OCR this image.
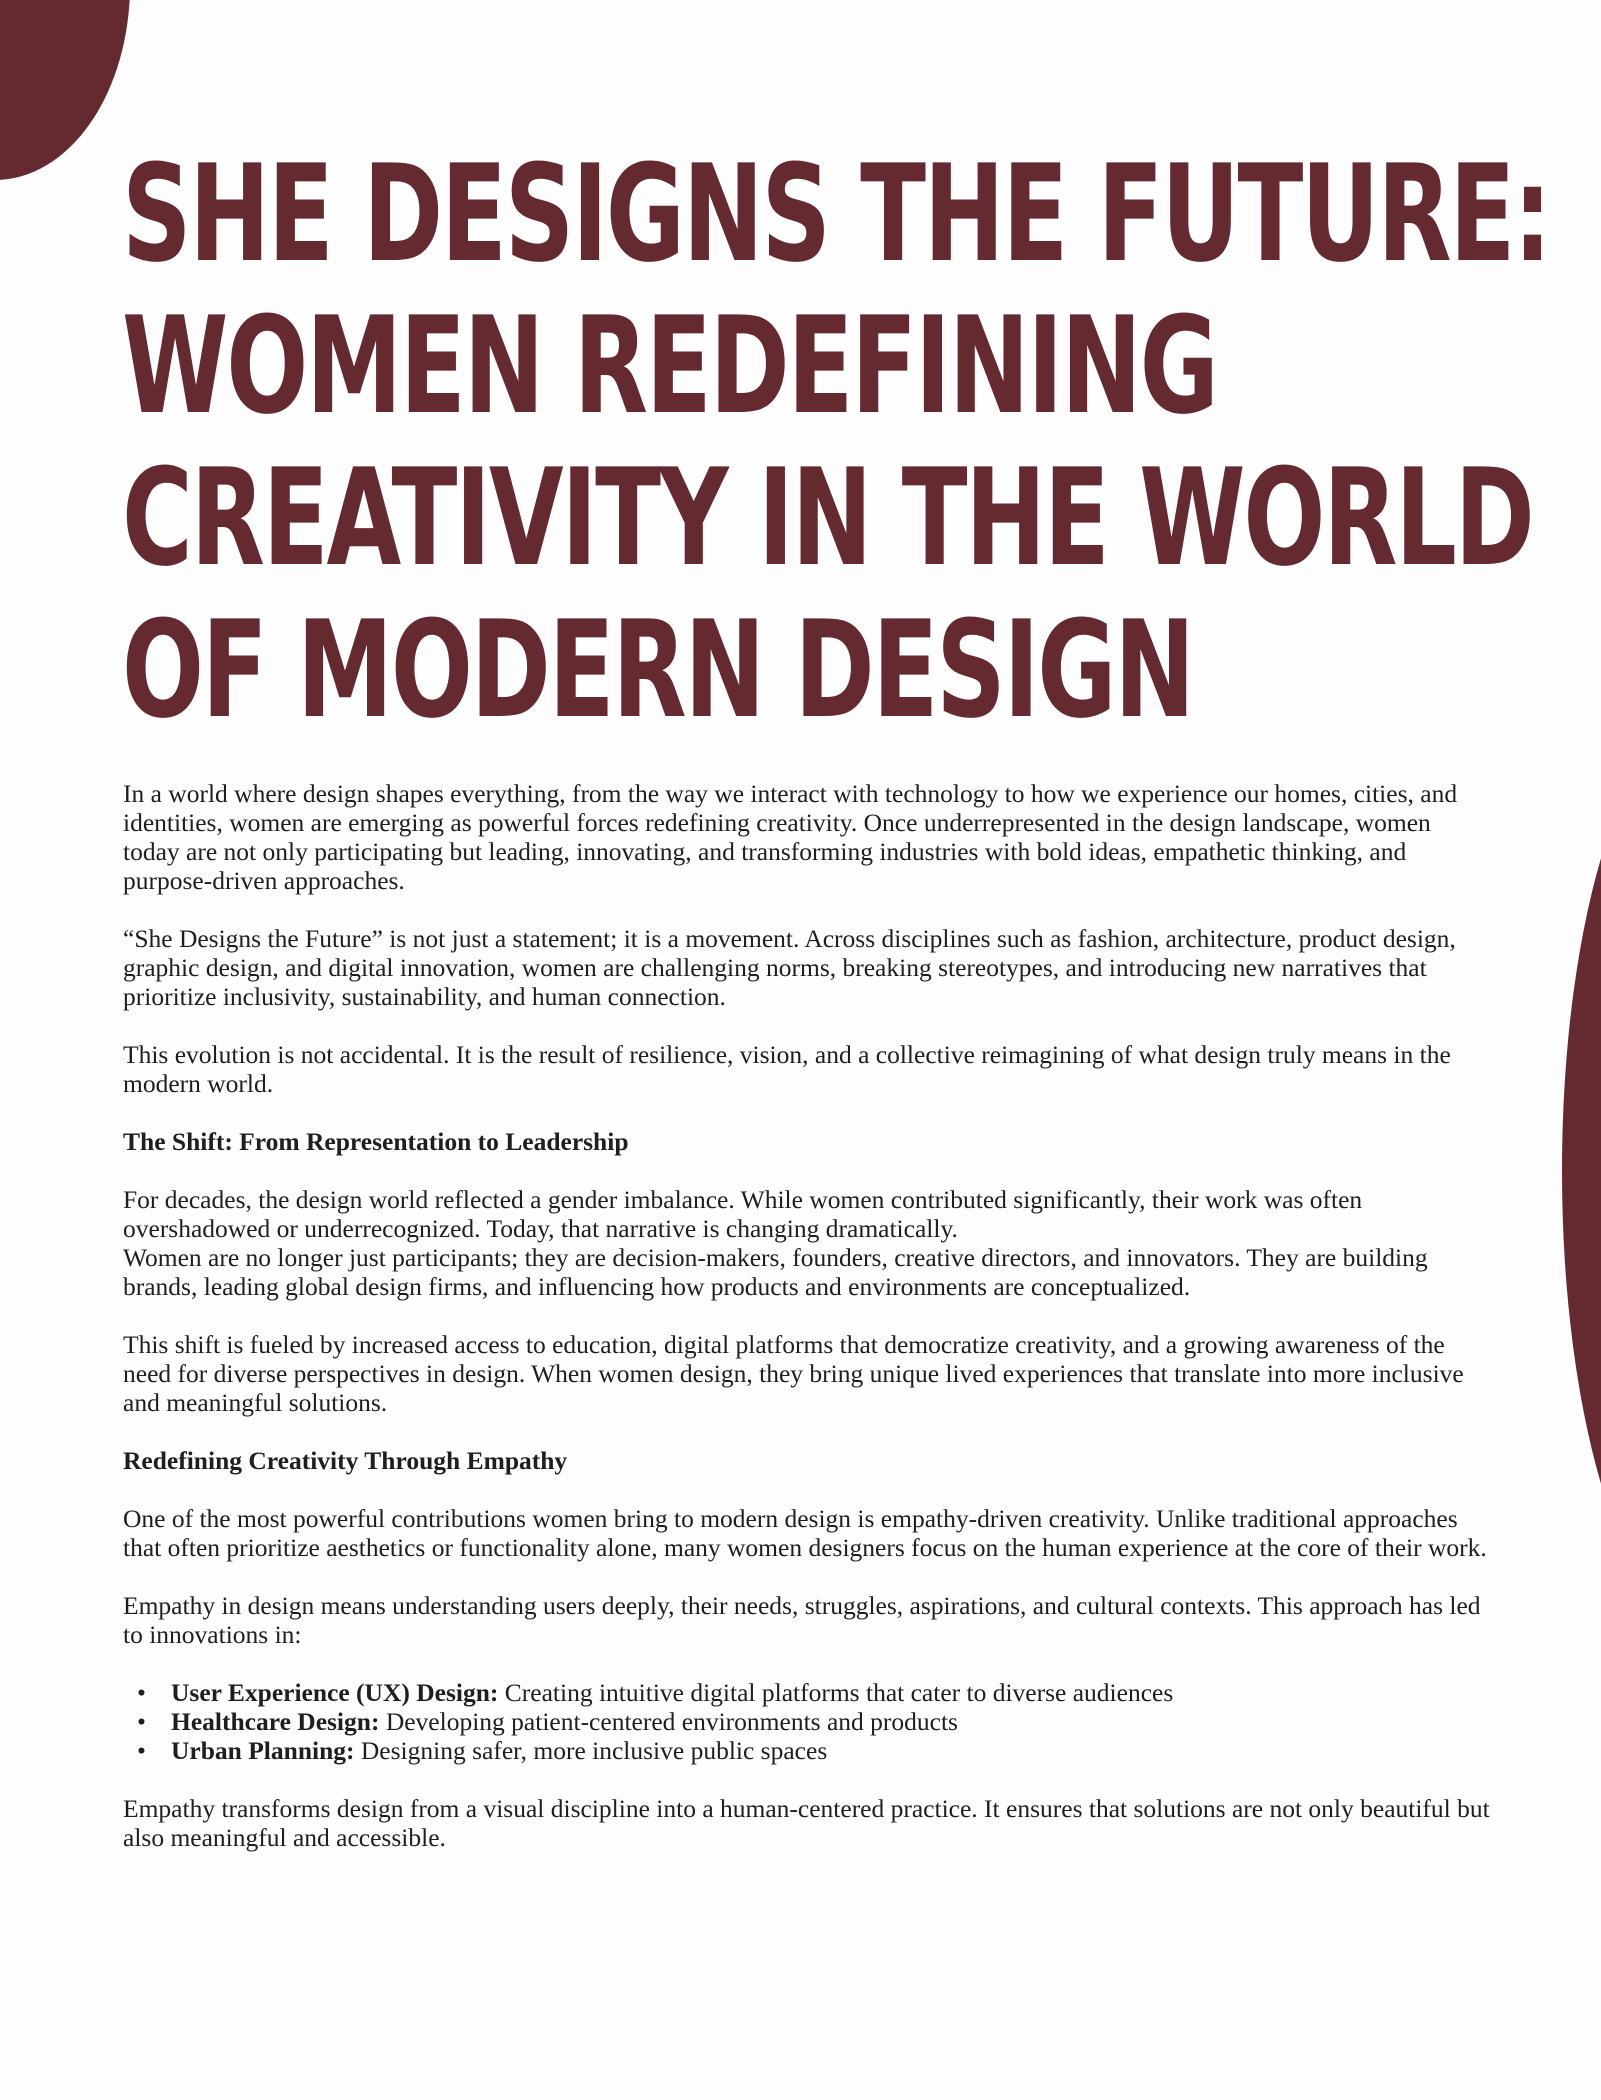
SHE DESIGNS THE FUTURE:
WOMEN REDEFINING
CREATIVITY IN THE WORLD
OF MODERN DESIGN

In a world where design shapes everything, from the way we interact with technology to how we experience our homes, cities, and identities, women are emerging as powerful forces redefining creativity. Once underrepresented in the design landscape, women today are not only participating but leading, innovating, and transforming industries with bold ideas, empathetic thinking, and purpose-driven approaches.

“She Designs the Future” is not just a statement; it is a movement. Across disciplines such as fashion, architecture, product design, graphic design, and digital innovation, women are challenging norms, breaking stereotypes, and introducing new narratives that prioritize inclusivity, sustainability, and human connection.

This evolution is not accidental. It is the result of resilience, vision, and a collective reimagining of what design truly means in the modern world.

The Shift: From Representation to Leadership

For decades, the design world reflected a gender imbalance. While women contributed significantly, their work was often overshadowed or underrecognized. Today, that narrative is changing dramatically.
Women are no longer just participants; they are decision-makers, founders, creative directors, and innovators. They are building brands, leading global design firms, and influencing how products and environments are conceptualized.

This shift is fueled by increased access to education, digital platforms that democratize creativity, and a growing awareness of the need for diverse perspectives in design. When women design, they bring unique lived experiences that translate into more inclusive and meaningful solutions.

Redefining Creativity Through Empathy

One of the most powerful contributions women bring to modern design is empathy-driven creativity. Unlike traditional approaches that often prioritize aesthetics or functionality alone, many women designers focus on the human experience at the core of their work.

Empathy in design means understanding users deeply, their needs, struggles, aspirations, and cultural contexts. This approach has led to innovations in:

• User Experience (UX) Design: Creating intuitive digital platforms that cater to diverse audiences
• Healthcare Design: Developing patient-centered environments and products
• Urban Planning: Designing safer, more inclusive public spaces

Empathy transforms design from a visual discipline into a human-centered practice. It ensures that solutions are not only beautiful but also meaningful and accessible.
